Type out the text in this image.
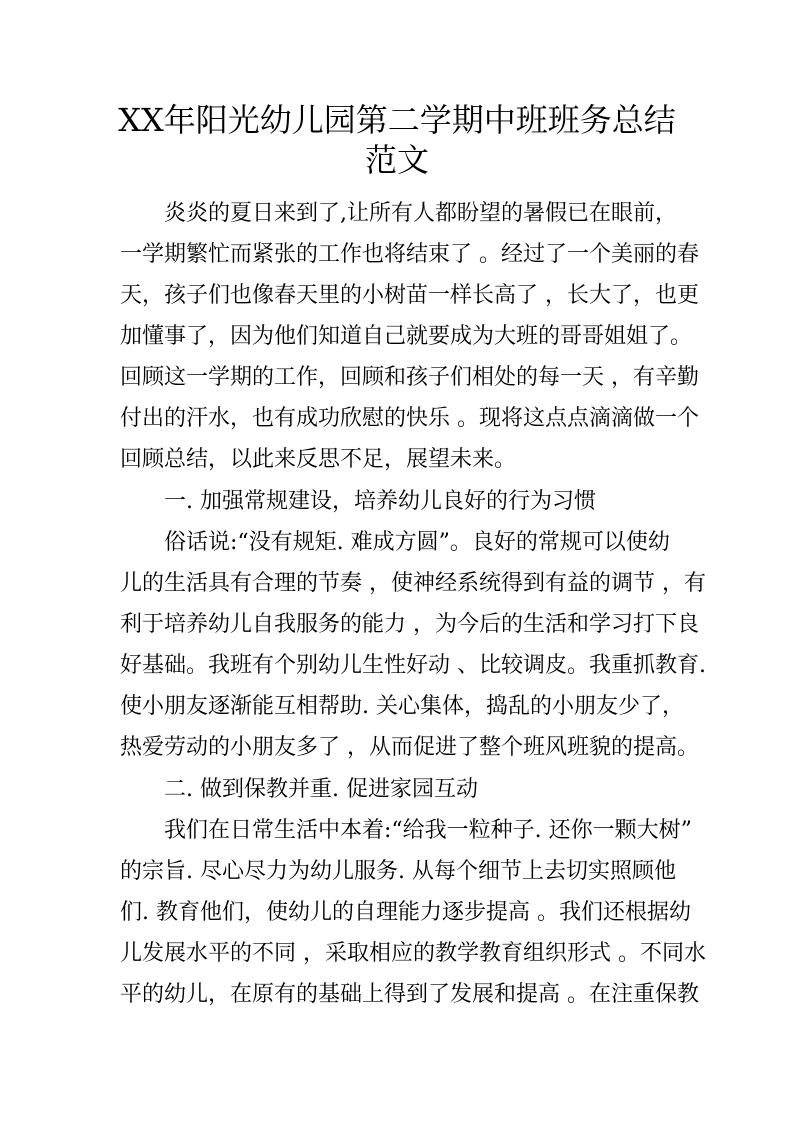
XX年阳光幼儿园第二学期中班班务总结
范文

炎炎的夏日来到了,让所有人都盼望的暑假已在眼前，

一学期繁忙而紧张的工作也将结束了 。经过了一个美丽的春

天，孩子们也像春天里的小树苗一样长高了 ，长大了，也更

加懂事了，因为他们知道自己就要成为大班的哥哥姐姐了。

回顾这一学期的工作，回顾和孩子们相处的每一天 ，有辛勤

付出的汗水，也有成功欣慰的快乐 。现将这点点滴滴做一个

回顾总结，以此来反思不足，展望未来。

一. 加强常规建设，培养幼儿良好的行为习惯

俗话说:“没有规矩. 难成方圆”。良好的常规可以使幼

儿的生活具有合理的节奏 ，使神经系统得到有益的调节 ，有

利于培养幼儿自我服务的能力 ，为今后的生活和学习打下良

好基础。我班有个别幼儿生性好动 、比较调皮。我重抓教育.

使小朋友逐渐能互相帮助. 关心集体，捣乱的小朋友少了，

热爱劳动的小朋友多了 ，从而促进了整个班风班貌的提高。

二. 做到保教并重. 促进家园互动

我们在日常生活中本着:“给我一粒种子. 还你一颗大树”

的宗旨. 尽心尽力为幼儿服务. 从每个细节上去切实照顾他

们. 教育他们，使幼儿的自理能力逐步提高 。我们还根据幼

儿发展水平的不同 ，采取相应的教学教育组织形式 。不同水

平的幼儿，在原有的基础上得到了发展和提高 。在注重保教
